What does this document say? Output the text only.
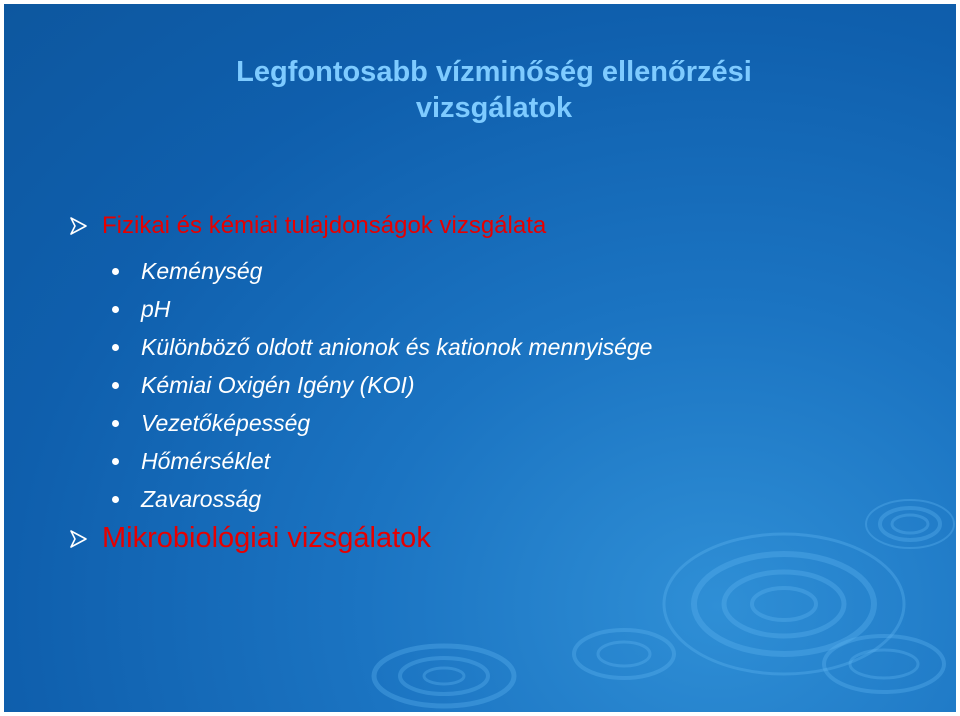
Legfontosabb vízminőség ellenőrzési
vizsgálatok
Fizikai és kémiai tulajdonságok vizsgálata
Keménység
pH
Különböző oldott anionok és kationok mennyisége
Kémiai Oxigén Igény (KOI)
Vezetőképesség
Hőmérséklet
Zavarosság
Mikrobiológiai vizsgálatok
